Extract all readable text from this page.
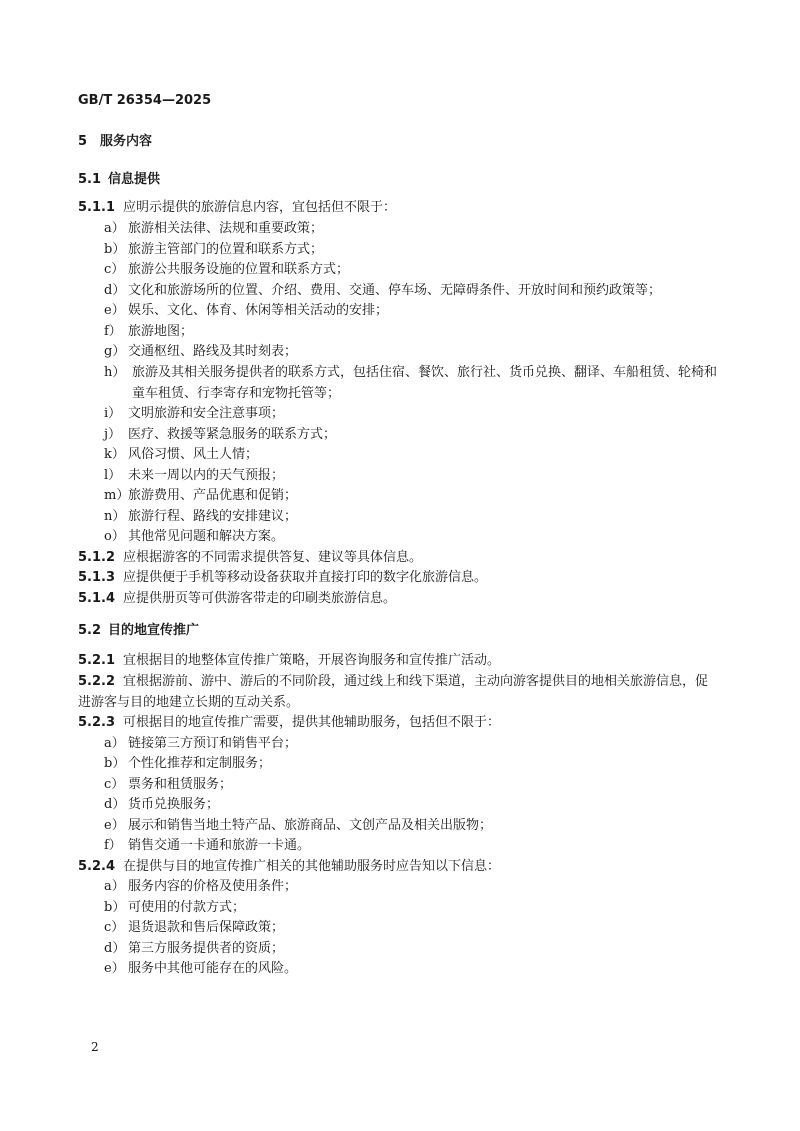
GB/T 26354—2025
5 服务内容
5.1 信息提供
5.1.1 应明示提供的旅游信息内容，宜包括但不限于：
a） 旅游相关法律、法规和重要政策；
b） 旅游主管部门的位置和联系方式；
c） 旅游公共服务设施的位置和联系方式；
d） 文化和旅游场所的位置、介绍、费用、交通、停车场、无障碍条件、开放时间和预约政策等；
e） 娱乐、文化、体育、休闲等相关活动的安排；
f） 旅游地图；
g） 交通枢纽、路线及其时刻表；
h） 旅游及其相关服务提供者的联系方式，包括住宿、餐饮、旅行社、货币兑换、翻译、车船租赁、轮椅和童车租赁、行李寄存和宠物托管等；
i） 文明旅游和安全注意事项；
j） 医疗、救援等紧急服务的联系方式；
k） 风俗习惯、风土人情；
l） 未来一周以内的天气预报；
m）旅游费用、产品优惠和促销；
n） 旅游行程、路线的安排建议；
o） 其他常见问题和解决方案。
5.1.2 应根据游客的不同需求提供答复、建议等具体信息。
5.1.3 应提供便于手机等移动设备获取并直接打印的数字化旅游信息。
5.1.4 应提供册页等可供游客带走的印刷类旅游信息。
5.2 目的地宣传推广
5.2.1 宜根据目的地整体宣传推广策略，开展咨询服务和宣传推广活动。
5.2.2 宜根据游前、游中、游后的不同阶段，通过线上和线下渠道，主动向游客提供目的地相关旅游信息，促进游客与目的地建立长期的互动关系。
5.2.3 可根据目的地宣传推广需要，提供其他辅助服务，包括但不限于：
a） 链接第三方预订和销售平台；
b） 个性化推荐和定制服务；
c） 票务和租赁服务；
d） 货币兑换服务；
e） 展示和销售当地土特产品、旅游商品、文创产品及相关出版物；
f） 销售交通一卡通和旅游一卡通。
5.2.4 在提供与目的地宣传推广相关的其他辅助服务时应告知以下信息：
a） 服务内容的价格及使用条件；
b） 可使用的付款方式；
c） 退货退款和售后保障政策；
d） 第三方服务提供者的资质；
e） 服务中其他可能存在的风险。
2
